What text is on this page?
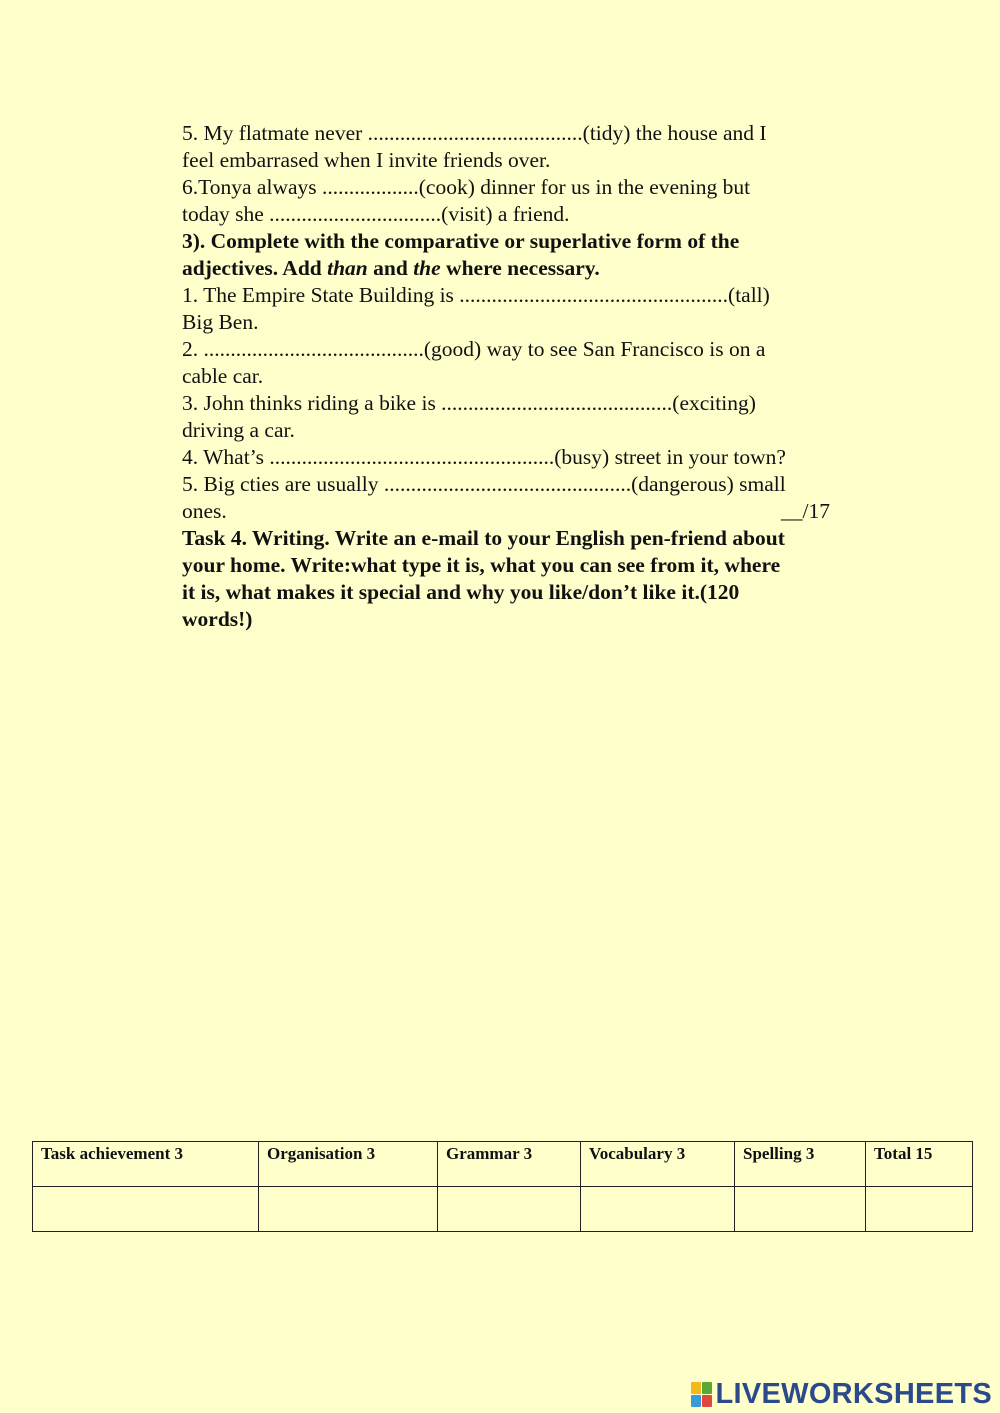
5. My flatmate never ........................................(tidy) the house and I

feel embarrased when I invite friends over.

6.Tonya always ..................(cook) dinner for us in the evening but

today she ................................(visit) a friend.

3). Complete with the comparative or superlative form of the

adjectives. Add than and the where necessary.

1. The Empire State Building is ..................................................(tall)

Big Ben.

2. .........................................(good) way to see San Francisco is on a

cable car.

3. John thinks riding a bike is ...........................................(exciting)

driving a car.

4. What’s .....................................................(busy) street in your town?

5. Big cties are usually ..............................................(dangerous) small

ones.	__/17

Task 4. Writing. Write an e-mail to your English pen-friend about

your home. Write:what type it is, what you can see from it, where

it is, what makes it special and why you like/don’t like it.(120

words!)

Task achievement 3	Organisation 3	Grammar 3	Vocabulary 3	Spelling 3	Total 15

LIVEWORKSHEETS
